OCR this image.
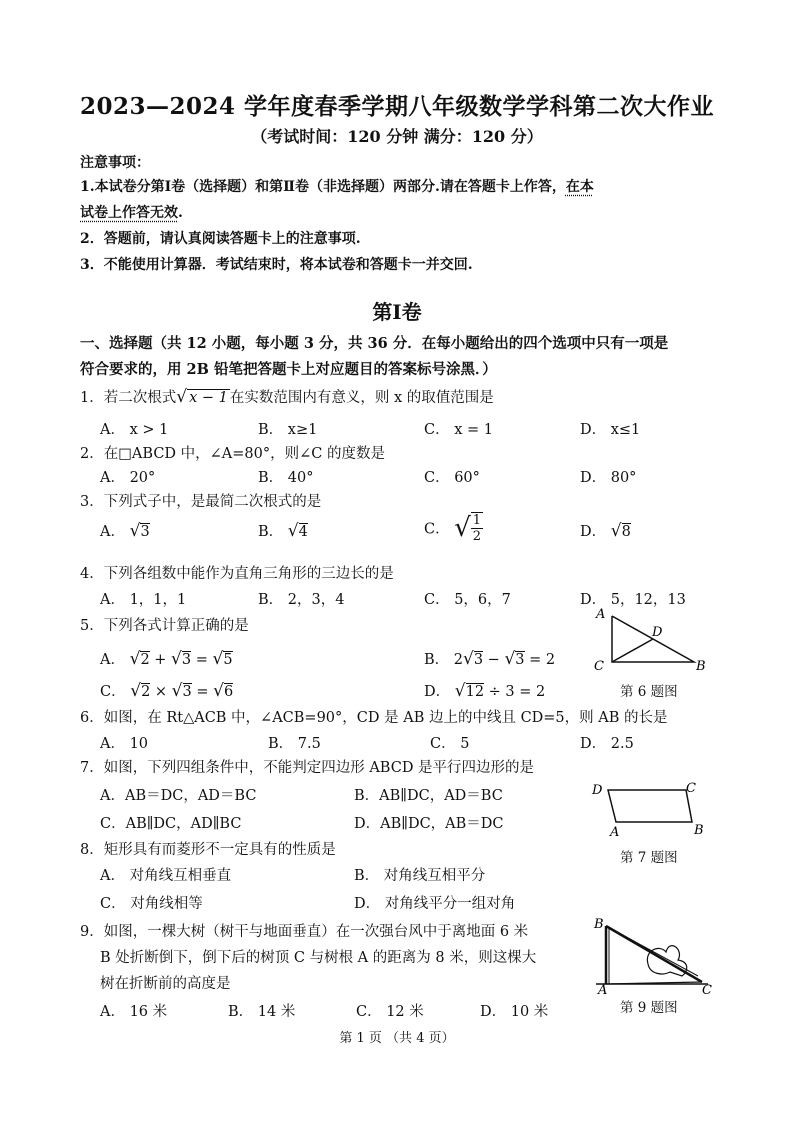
2023—2024 学年度春季学期八年级数学学科第二次大作业
（考试时间：120 分钟 满分：120 分）
注意事项：
1.本试卷分第Ⅰ卷（选择题）和第Ⅱ卷（非选择题）两部分.请在答题卡上作答，在本
试卷上作答无效.
2．答题前，请认真阅读答题卡上的注意事项.
3．不能使用计算器．考试结束时，将本试卷和答题卡一并交回.
第Ⅰ卷
一、选择题（共 12 小题，每小题 3 分，共 36 分．在每小题给出的四个选项中只有一项是
符合要求的，用 2B 铅笔把答题卡上对应题目的答案标号涂黑．）
1．若二次根式√ x − 1 在实数范围内有意义，则 x 的取值范围是
A． x > 1	B． x≥1	C． x = 1	D． x≤1
2．在□ABCD 中，∠A=80°，则∠C 的度数是
A． 20°	B． 40°	C． 60°	D． 80°
3．下列式子中，是最简二次根式的是
A． √3	B． √4	C． √ $\frac{1}{2}$	D． √8
4．下列各组数中能作为直角三角形的三边长的是
A． 1，1，1	B． 2，3，4	C． 5，6，7	D． 5，12，13
5．下列各式计算正确的是
A． √2 + √3 = √5	B． 2√3 − √3 = 2
C． √2 × √3 = √6	D． √12 ÷ 3 = 2
A
C	B
D
第 6 题图
6．如图，在 Rt△ACB 中，∠ACB=90°，CD 是 AB 边上的中线且 CD=5，则 AB 的长是
A． 10	B． 7.5	C． 5	D． 2.5
7．如图，下列四组条件中，不能判定四边形 ABCD 是平行四边形的是
A．AB＝DC，AD＝BC	B．AB∥DC，AD＝BC
C．AB∥DC，AD∥BC	D．AB∥DC，AB＝DC
D	C
A	B
第 7 题图
8．矩形具有而菱形不一定具有的性质是
A． 对角线互相垂直	B． 对角线互相平分
C． 对角线相等	D． 对角线平分一组对角
9．如图，一棵大树（树干与地面垂直）在一次强台风中于离地面 6 米
B 处折断倒下，倒下后的树顶 C 与树根 A 的距离为 8 米，则这棵大
树在折断前的高度是
A． 16 米	B． 14 米	C． 12 米	D． 10 米
B
A	C
第 9 题图
第 1 页 （共 4 页）
